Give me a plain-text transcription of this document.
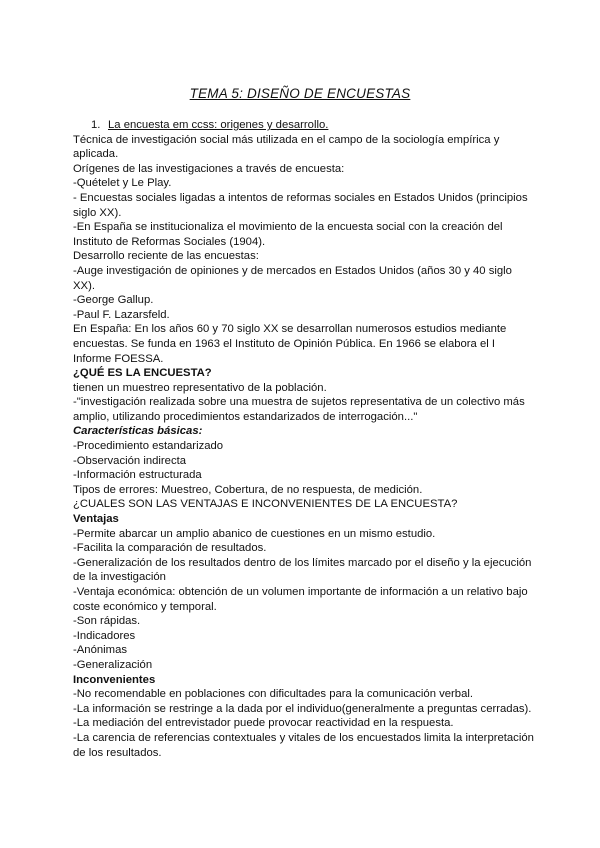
TEMA 5: DISEÑO DE ENCUESTAS

1. La encuesta em ccss: origenes y desarrollo.

Técnica de investigación social más utilizada en el campo de la sociología empírica y aplicada.

Orígenes de las investigaciones a través de encuesta:

-Quételet y Le Play.

- Encuestas sociales ligadas a intentos de reformas sociales en Estados Unidos (principios siglo XX).

-En España se institucionaliza el movimiento de la encuesta social con la creación del Instituto de Reformas Sociales (1904).

Desarrollo reciente de las encuestas:

-Auge investigación de opiniones y de mercados en Estados Unidos (años 30 y 40 siglo XX).

-George Gallup.

-Paul F. Lazarsfeld.

En España: En los años 60 y 70 siglo XX se desarrollan numerosos estudios mediante encuestas. Se funda en 1963 el Instituto de Opinión Pública. En 1966 se elabora el I Informe FOESSA.

¿QUÉ ES LA ENCUESTA?

tienen un muestreo representativo de la población.

-"investigación realizada sobre una muestra de sujetos representativa de un colectivo más amplio, utilizando procedimientos estandarizados de interrogación..."

Características básicas:

-Procedimiento estandarizado

-Observación indirecta

-Información estructurada

Tipos de errores: Muestreo, Cobertura, de no respuesta, de medición.

¿CUALES SON LAS VENTAJAS E INCONVENIENTES DE LA ENCUESTA?

Ventajas

-Permite abarcar un amplio abanico de cuestiones en un mismo estudio.

-Facilita la comparación de resultados.

-Generalización de los resultados dentro de los límites marcado por el diseño y la ejecución de la investigación

-Ventaja económica: obtención de un volumen importante de información a un relativo bajo coste económico y temporal.

-Son rápidas.

-Indicadores

-Anónimas

-Generalización

Inconvenientes

-No recomendable en poblaciones con dificultades para la comunicación verbal.

-La información se restringe a la dada por el individuo(generalmente a preguntas cerradas).

-La mediación del entrevistador puede provocar reactividad en la respuesta.

-La carencia de referencias contextuales y vitales de los encuestados limita la interpretación de los resultados.
